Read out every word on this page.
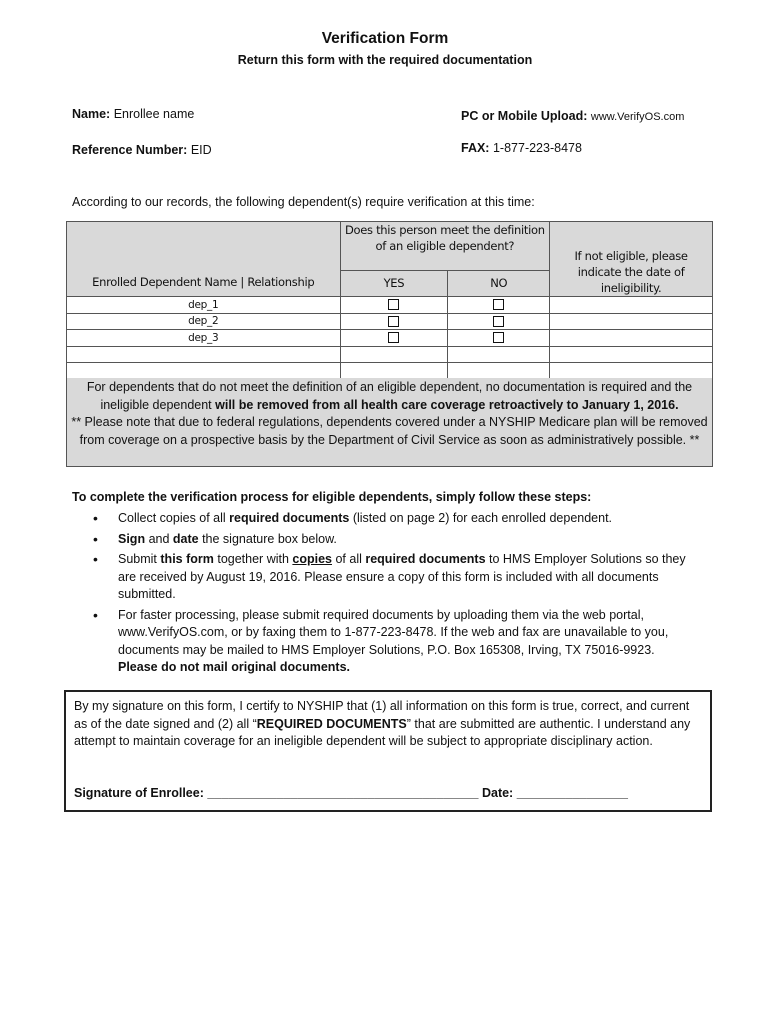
Verification Form
Return this form with the required documentation
Name: Enrollee name	PC or Mobile Upload: www.VerifyOS.com
Reference Number: EID	FAX: 1-877-223-8478
According to our records, the following dependent(s) require verification at this time:
Enrolled Dependent Name | Relationship	Does this person meet the definition of an eligible dependent?		If not eligible, please indicate the date of ineligibility.
	YES	NO	
dep_1			
dep_2			
dep_3			

For dependents that do not meet the definition of an eligible dependent, no documentation is required and the ineligible dependent will be removed from all health care coverage retroactively to January 1, 2016.
** Please note that due to federal regulations, dependents covered under a NYSHIP Medicare plan will be removed from coverage on a prospective basis by the Department of Civil Service as soon as administratively possible. **
To complete the verification process for eligible dependents, simply follow these steps:
• Collect copies of all required documents (listed on page 2) for each enrolled dependent.
• Sign and date the signature box below.
• Submit this form together with copies of all required documents to HMS Employer Solutions so they are received by August 19, 2016. Please ensure a copy of this form is included with all documents submitted.
• For faster processing, please submit required documents by uploading them via the web portal, www.VerifyOS.com, or by faxing them to 1-877-223-8478. If the web and fax are unavailable to you, documents may be mailed to HMS Employer Solutions, P.O. Box 165308, Irving, TX 75016-9923.
Please do not mail original documents.
By my signature on this form, I certify to NYSHIP that (1) all information on this form is true, correct, and current as of the date signed and (2) all “REQUIRED DOCUMENTS” that are submitted are authentic. I understand any attempt to maintain coverage for an ineligible dependent will be subject to appropriate disciplinary action.
Signature of Enrollee: _______________________________________ Date: ________________
